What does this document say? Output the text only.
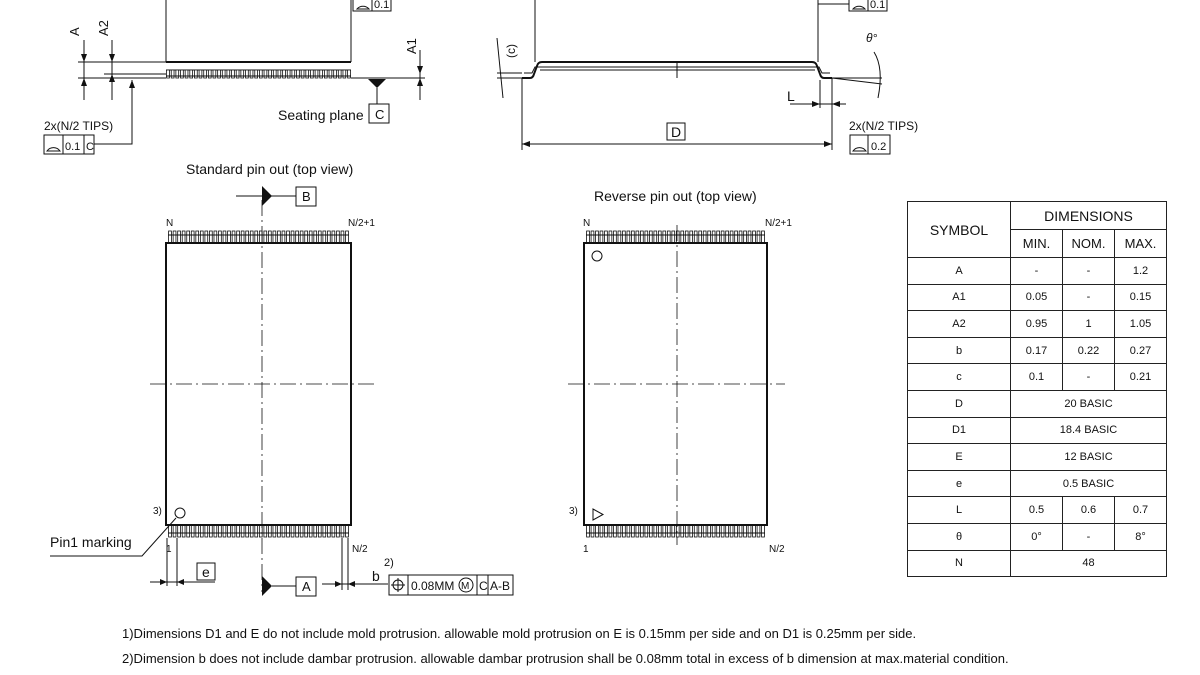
0.1
A A2
A1
Seating plane C
2x(N/2 TIPS)
0.1 C
0.1
(c)
L
θ°
D	2x(N/2 TIPS)
0.2
Standard pin out (top view)
B
N	N/2+1
3)
1	N/2
Pin1 marking
e
A
b
2)
0.08MM M C A-B
Reverse pin out (top view)
N	N/2+1
3)
1	N/2
SYMBOL	DIMENSIONS		
	MIN.	NOM.	MAX.
A	-	-	1.2
A1	0.05	-	0.15
A2	0.95	1	1.05
b	0.17	0.22	0.27
c	0.1	-	0.21
D	20 BASIC		
D1	18.4 BASIC		
E	12 BASIC		
e	0.5 BASIC		
L	0.5	0.6	0.7
θ	0°	-	8°
N	48		
1)Dimensions D1 and E do not include mold protrusion. allowable mold protrusion on E is 0.15mm per side and on D1 is 0.25mm per side.
2)Dimension b does not include dambar protrusion. allowable dambar protrusion shall be 0.08mm total in excess of b dimension at max.material condition.
